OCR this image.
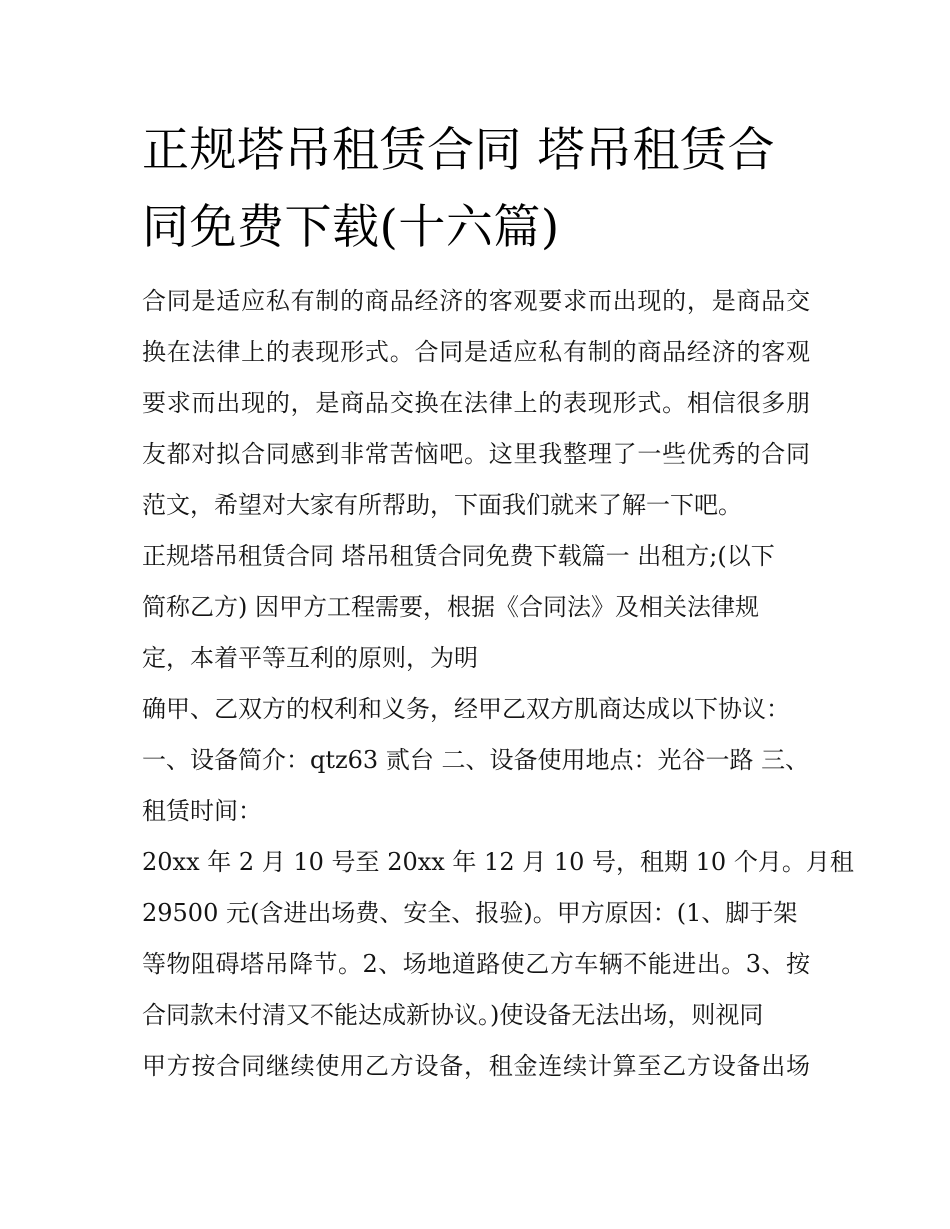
正规塔吊租赁合同 塔吊租赁合
同免费下载(十六篇)

合同是适应私有制的商品经济的客观要求而出现的，是商品交

换在法律上的表现形式。合同是适应私有制的商品经济的客观

要求而出现的，是商品交换在法律上的表现形式。相信很多朋

友都对拟合同感到非常苦恼吧。这里我整理了一些优秀的合同

范文，希望对大家有所帮助，下面我们就来了解一下吧。

正规塔吊租赁合同 塔吊租赁合同免费下载篇一 出租方;(以下

简称乙方) 因甲方工程需要，根据《合同法》及相关法律规

定，本着平等互利的原则，为明

确甲、乙双方的权利和义务，经甲乙双方肌商达成以下协议：

一、设备简介：qtz63 贰台 二、设备使用地点：光谷一路 三、

租赁时间：

20xx 年 2 月 10 号至 20xx 年 12 月 10 号，租期 10 个月。月租

29500 元(含进出场费、安全、报验)。甲方原因：(1、脚于架

等物阻碍塔吊降节。2、场地道路使乙方车辆不能进出。3、按

合同款未付清又不能达成新协议。)使设备无法出场，则视同

甲方按合同继续使用乙方设备，租金连续计算至乙方设备出场
